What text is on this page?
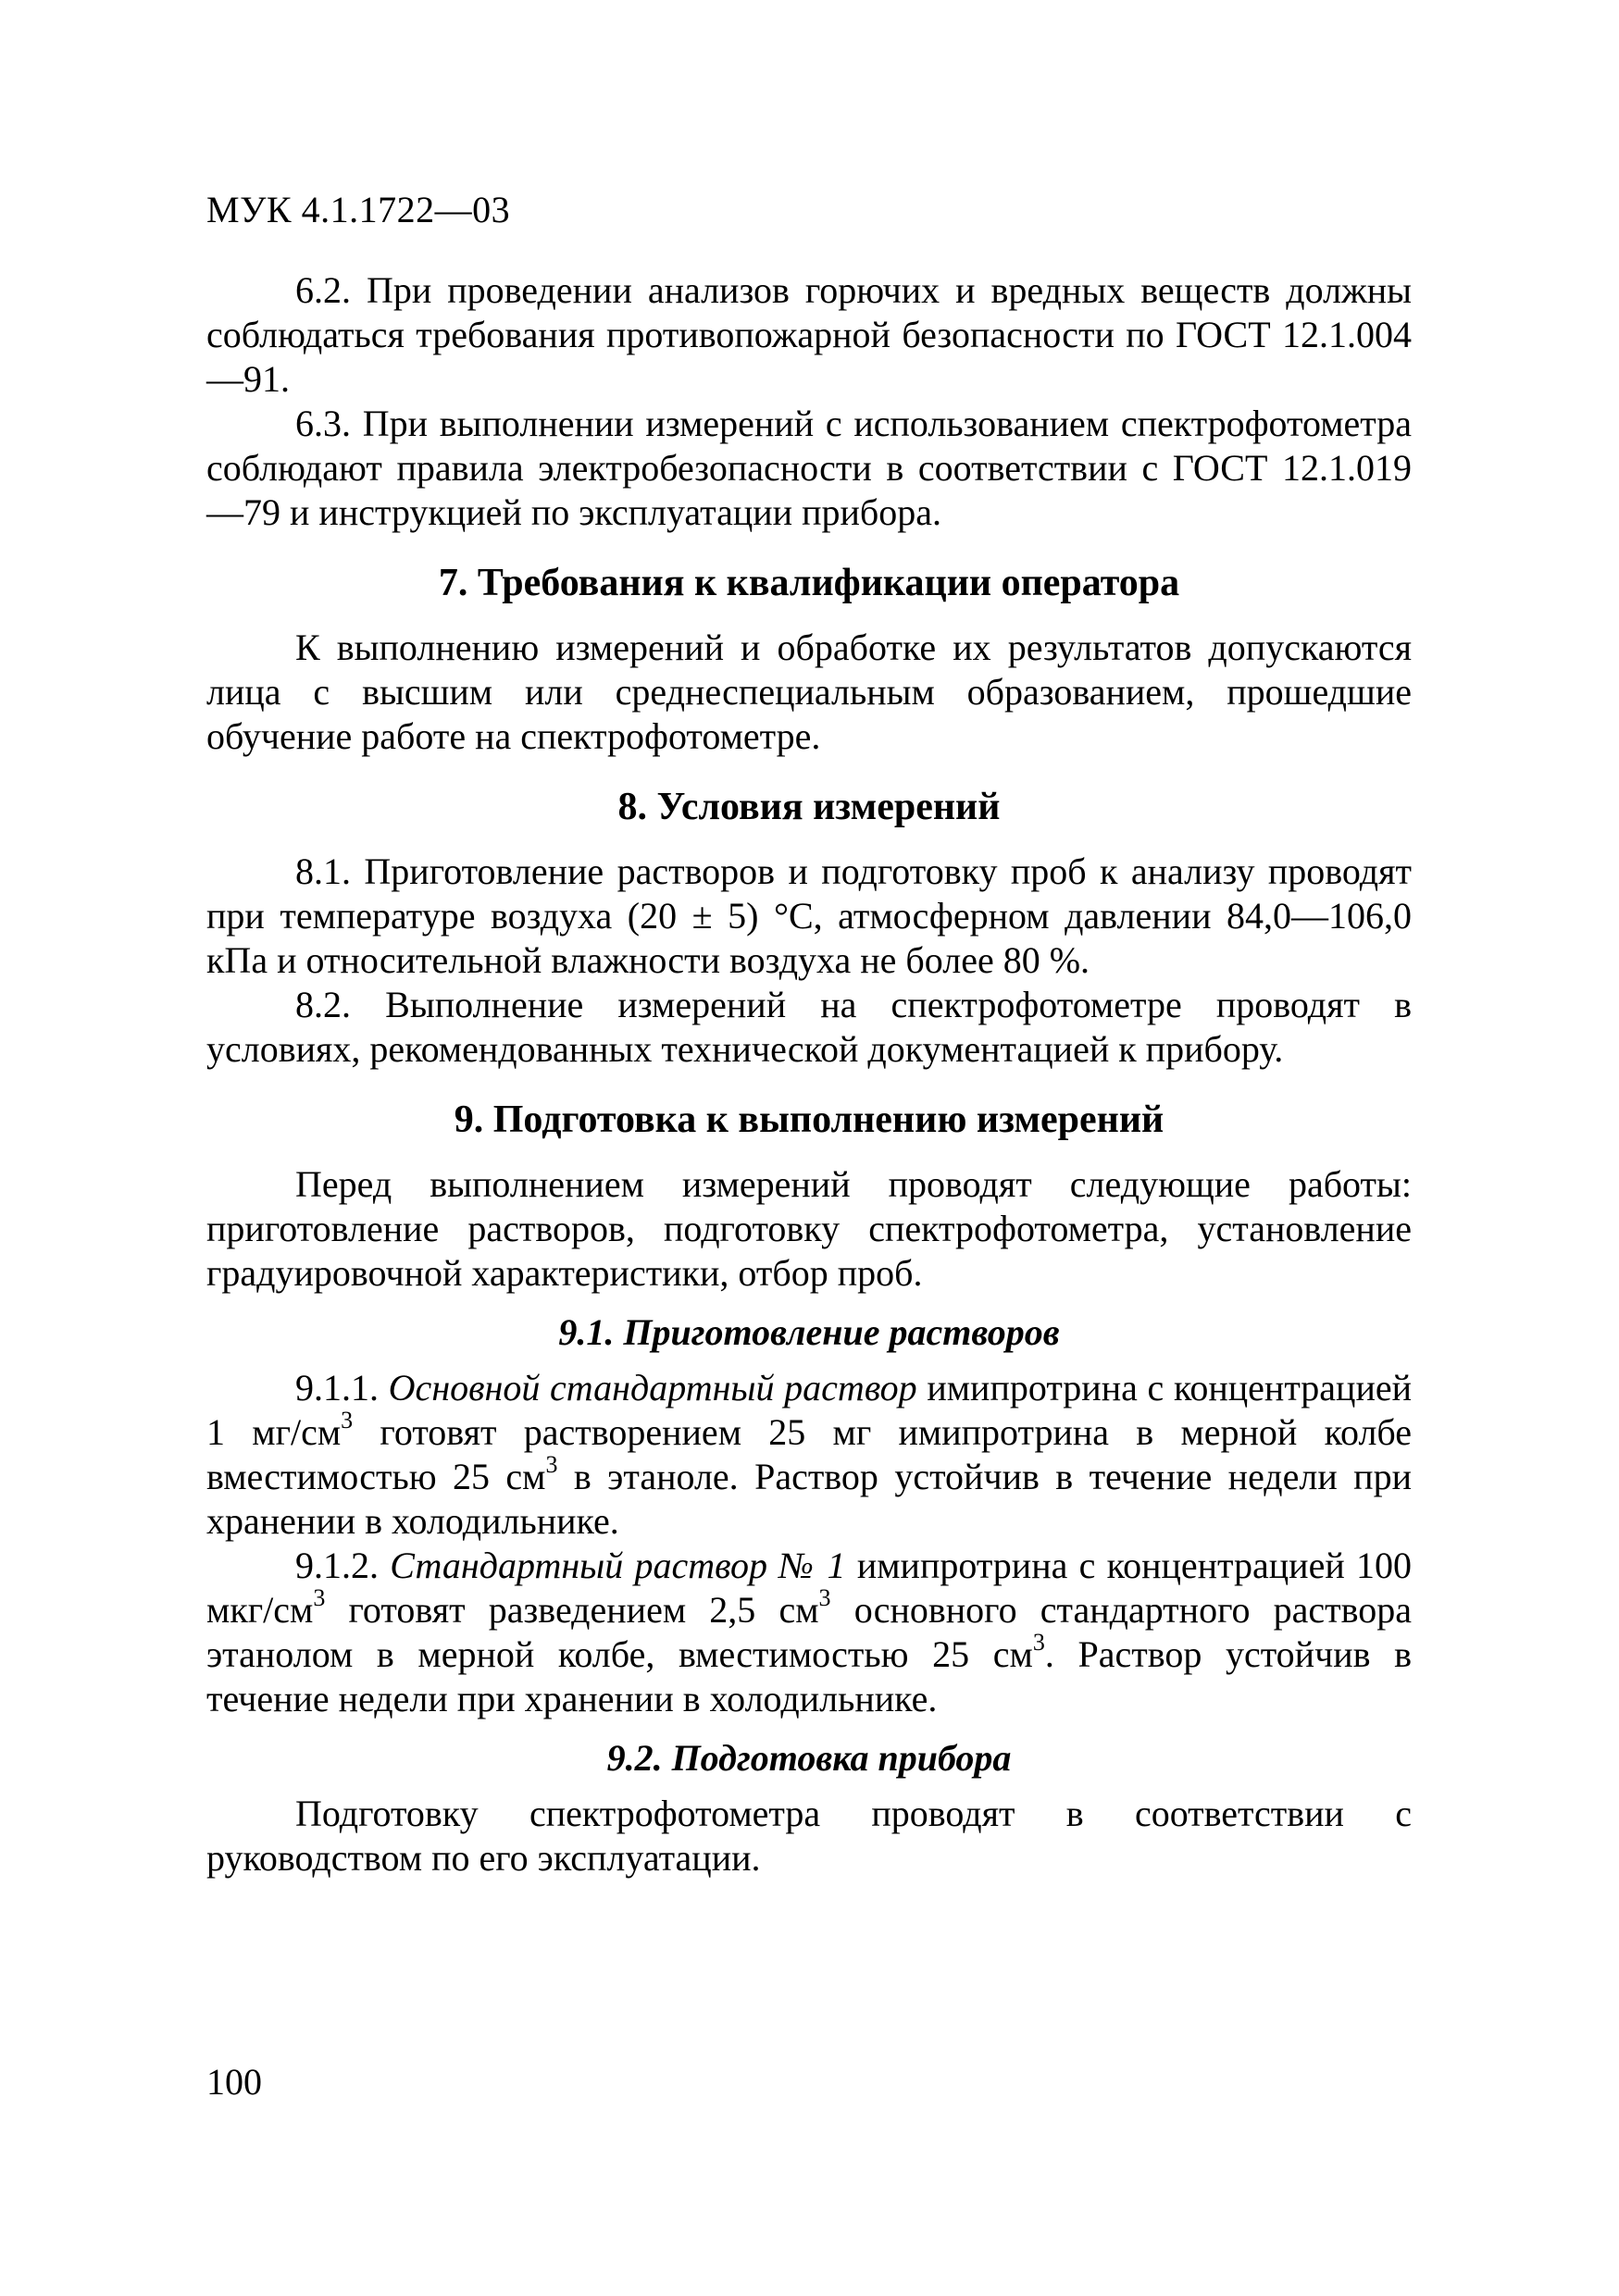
МУК 4.1.1722—03

6.2. При проведении анализов горючих и вредных веществ должны соблюдаться требования противопожарной безопасности по ГОСТ 12.1.004—91.

6.3. При выполнении измерений с использованием спектрофотометра соблюдают правила электробезопасности в соответствии с ГОСТ 12.1.019—79 и инструкцией по эксплуатации прибора.

7. Требования к квалификации оператора

К выполнению измерений и обработке их результатов допускаются лица с высшим или среднеспециальным образованием, прошедшие обучение работе на спектрофотометре.

8. Условия измерений

8.1. Приготовление растворов и подготовку проб к анализу проводят при температуре воздуха (20 ± 5) °С, атмосферном давлении 84,0—106,0 кПа и относительной влажности воздуха не более 80 %.

8.2. Выполнение измерений на спектрофотометре проводят в условиях, рекомендованных технической документацией к прибору.

9. Подготовка к выполнению измерений

Перед выполнением измерений проводят следующие работы: приготовление растворов, подготовку спектрофотометра, установление градуировочной характеристики, отбор проб.

9.1. Приготовление растворов

9.1.1. Основной стандартный раствор имипротрина с концентрацией 1 $мг/см^3$ готовят растворением 25 мг имипротрина в мерной колбе вместимостью 25 $см^3$ в этаноле. Раствор устойчив в течение недели при хранении в холодильнике.

9.1.2. Стандартный раствор № 1 имипротрина с концентрацией 100 мкг/$см^3$ готовят разведением 2,5 $см^3$ основного стандартного раствора этанолом в мерной колбе, вместимостью 25 $см^3$. Раствор устойчив в течение недели при хранении в холодильнике.

9.2. Подготовка прибора

Подготовку спектрофотометра проводят в соответствии с руководством по его эксплуатации.

100
